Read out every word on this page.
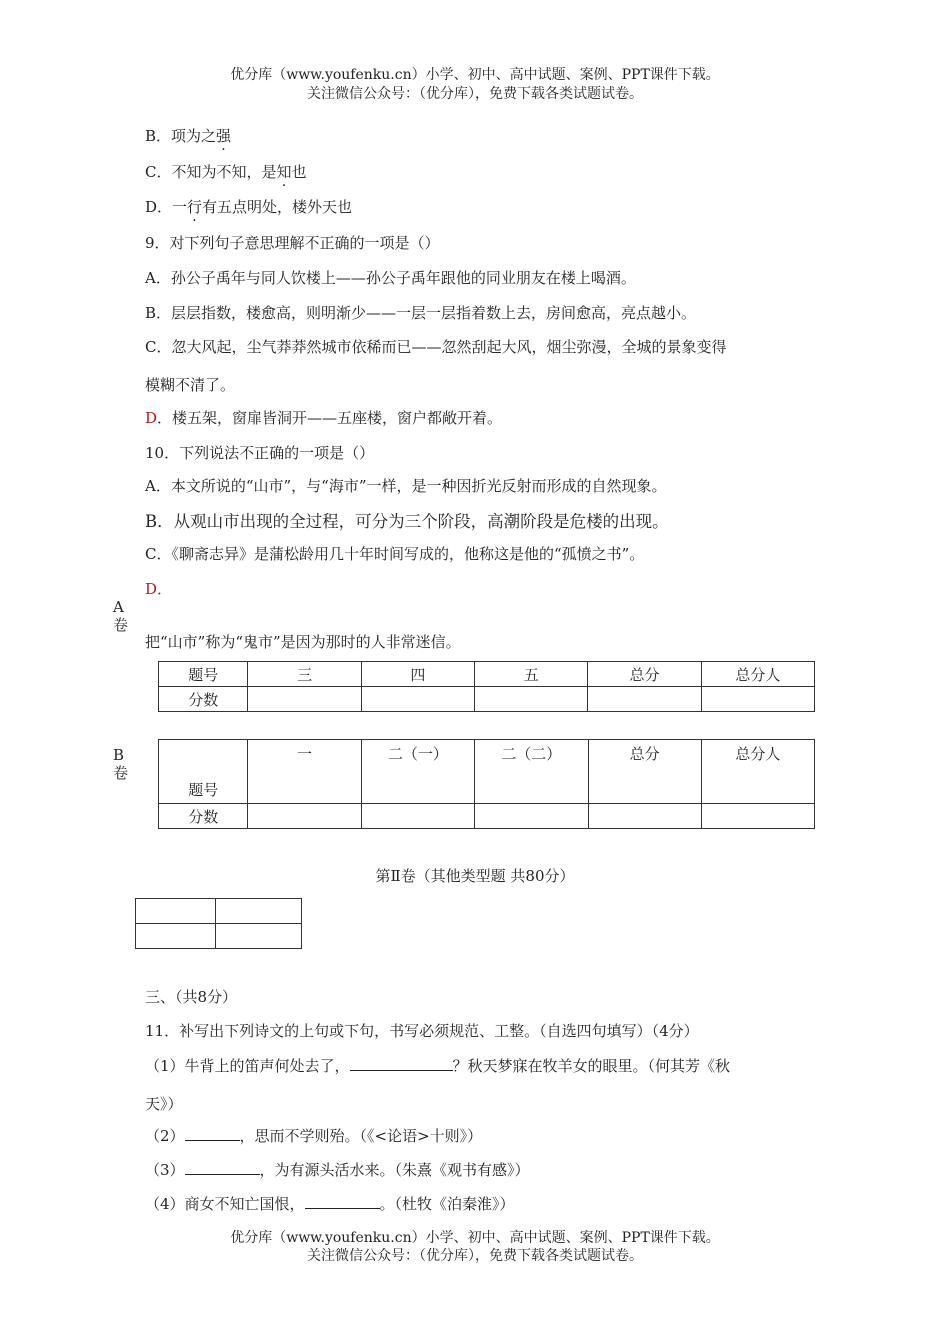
优分库（www.youfenku.cn）小学、初中、高中试题、案例、PPT课件下载。
关注微信公众号：（优分库），免费下载各类试题试卷。
B．项为之强
C．不知为不知，是知也
D．一行有五点明处，楼外天也
9．对下列句子意思理解不正确的一项是（）
A．孙公子禹年与同人饮楼上——孙公子禹年跟他的同业朋友在楼上喝酒。
B．层层指数，楼愈高，则明渐少——一层一层指着数上去，房间愈高，亮点越小。
C．忽大风起，尘气莽莽然城市依稀而已——忽然刮起大风，烟尘弥漫，全城的景象变得
模糊不清了。
D．楼五架，窗扉皆洞开——五座楼，窗户都敞开着。
10．下列说法不正确的一项是（）
A．本文所说的“山市”，与“海市”一样，是一种因折光反射而形成的自然现象。
B．从观山市出现的全过程，可分为三个阶段，高潮阶段是危楼的出现。
C．《聊斋志异》是蒲松龄用几十年时间写成的，他称这是他的“孤愤之书”。
D．
A
卷
把“山市”称为“鬼市”是因为那时的人非常迷信。
题号	三	四	五	总分	总分人
分数					
B
卷
题号	一	二（一）	二（二）	总分	总分人
分数					
第Ⅱ卷（其他类型题 共80分）

三、（共8分）
11．补写出下列诗文的上句或下句，书写必须规范、工整。（自选四句填写）（4分）
（1）牛背上的笛声何处去了，	？秋天梦寐在牧羊女的眼里。（何其芳《秋
天》）
（2）	，思而不学则殆。（《<论语>十则》）
（3）	，为有源头活水来。（朱熹《观书有感》）
（4）商女不知亡国恨，	。（杜牧《泊秦淮》）
优分库（www.youfenku.cn）小学、初中、高中试题、案例、PPT课件下载。
关注微信公众号：（优分库），免费下载各类试题试卷。
